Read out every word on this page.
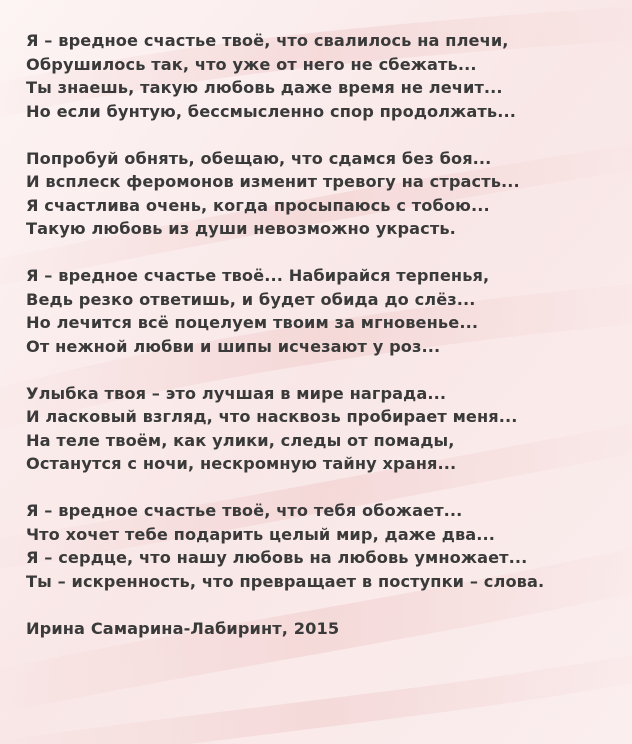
Я – вредное счастье твоё, что свалилось на плечи,
Обрушилось так, что уже от него не сбежать...
Ты знаешь, такую любовь даже время не лечит...
Но если бунтую, бессмысленно спор продолжать...
Попробуй обнять, обещаю, что сдамся без боя...
И всплеск феромонов изменит тревогу на страсть...
Я счастлива очень, когда просыпаюсь с тобою...
Такую любовь из души невозможно украсть.
Я – вредное счастье твоё... Набирайся терпенья,
Ведь резко ответишь, и будет обида до слёз...
Но лечится всё поцелуем твоим за мгновенье...
От нежной любви и шипы исчезают у роз...
Улыбка твоя – это лучшая в мире награда...
И ласковый взгляд, что насквозь пробирает меня...
На теле твоём, как улики, следы от помады,
Останутся с ночи, нескромную тайну храня...
Я – вредное счастье твоё, что тебя обожает...
Что хочет тебе подарить целый мир, даже два...
Я – сердце, что нашу любовь на любовь умножает...
Ты – искренность, что превращает в поступки – слова.
Ирина Самарина-Лабиринт, 2015
